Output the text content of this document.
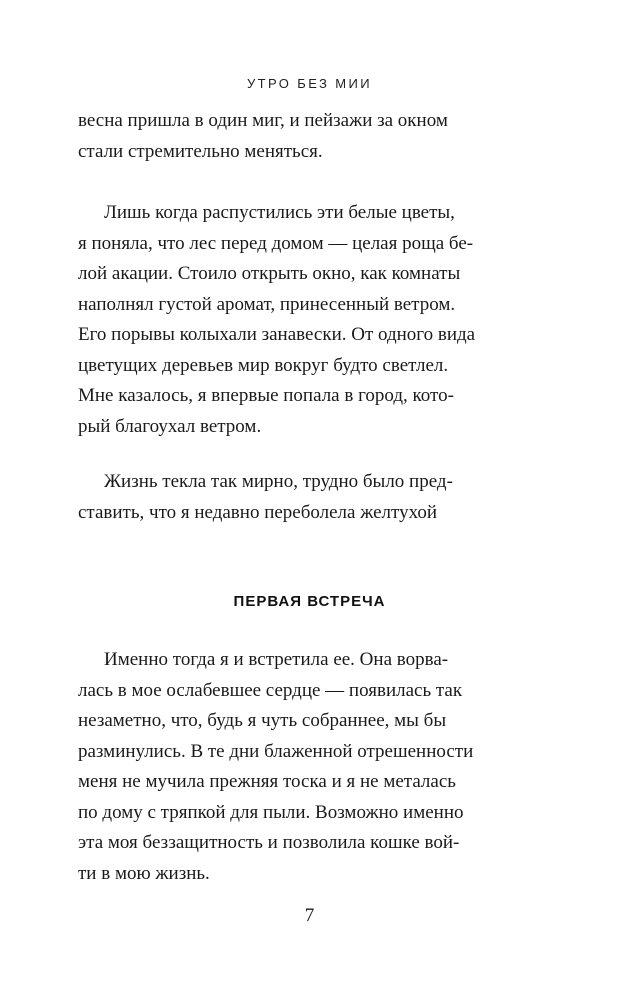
УТРО БЕЗ МИИ
весна пришла в один миг, и пейзажи за окном
стали стремительно меняться.
Лишь когда распустились эти белые цветы,
я поняла, что лес перед домом — целая роща бе-
лой акации. Стоило открыть окно, как комнаты
наполнял густой аромат, принесенный ветром.
Его порывы колыхали занавески. От одного вида
цветущих деревьев мир вокруг будто светлел.
Мне казалось, я впервые попала в город, кото-
рый благоухал ветром.
Жизнь текла так мирно, трудно было пред-
ставить, что я недавно переболела желтухой
ПЕРВАЯ ВСТРЕЧА
Именно тогда я и встретила ее. Она ворва-
лась в мое ослабевшее сердце — появилась так
незаметно, что, будь я чуть собраннее, мы бы
разминулись. В те дни блаженной отрешенности
меня не мучила прежняя тоска и я не металась
по дому с тряпкой для пыли. Возможно именно
эта моя беззащитность и позволила кошке вой-
ти в мою жизнь.
7
